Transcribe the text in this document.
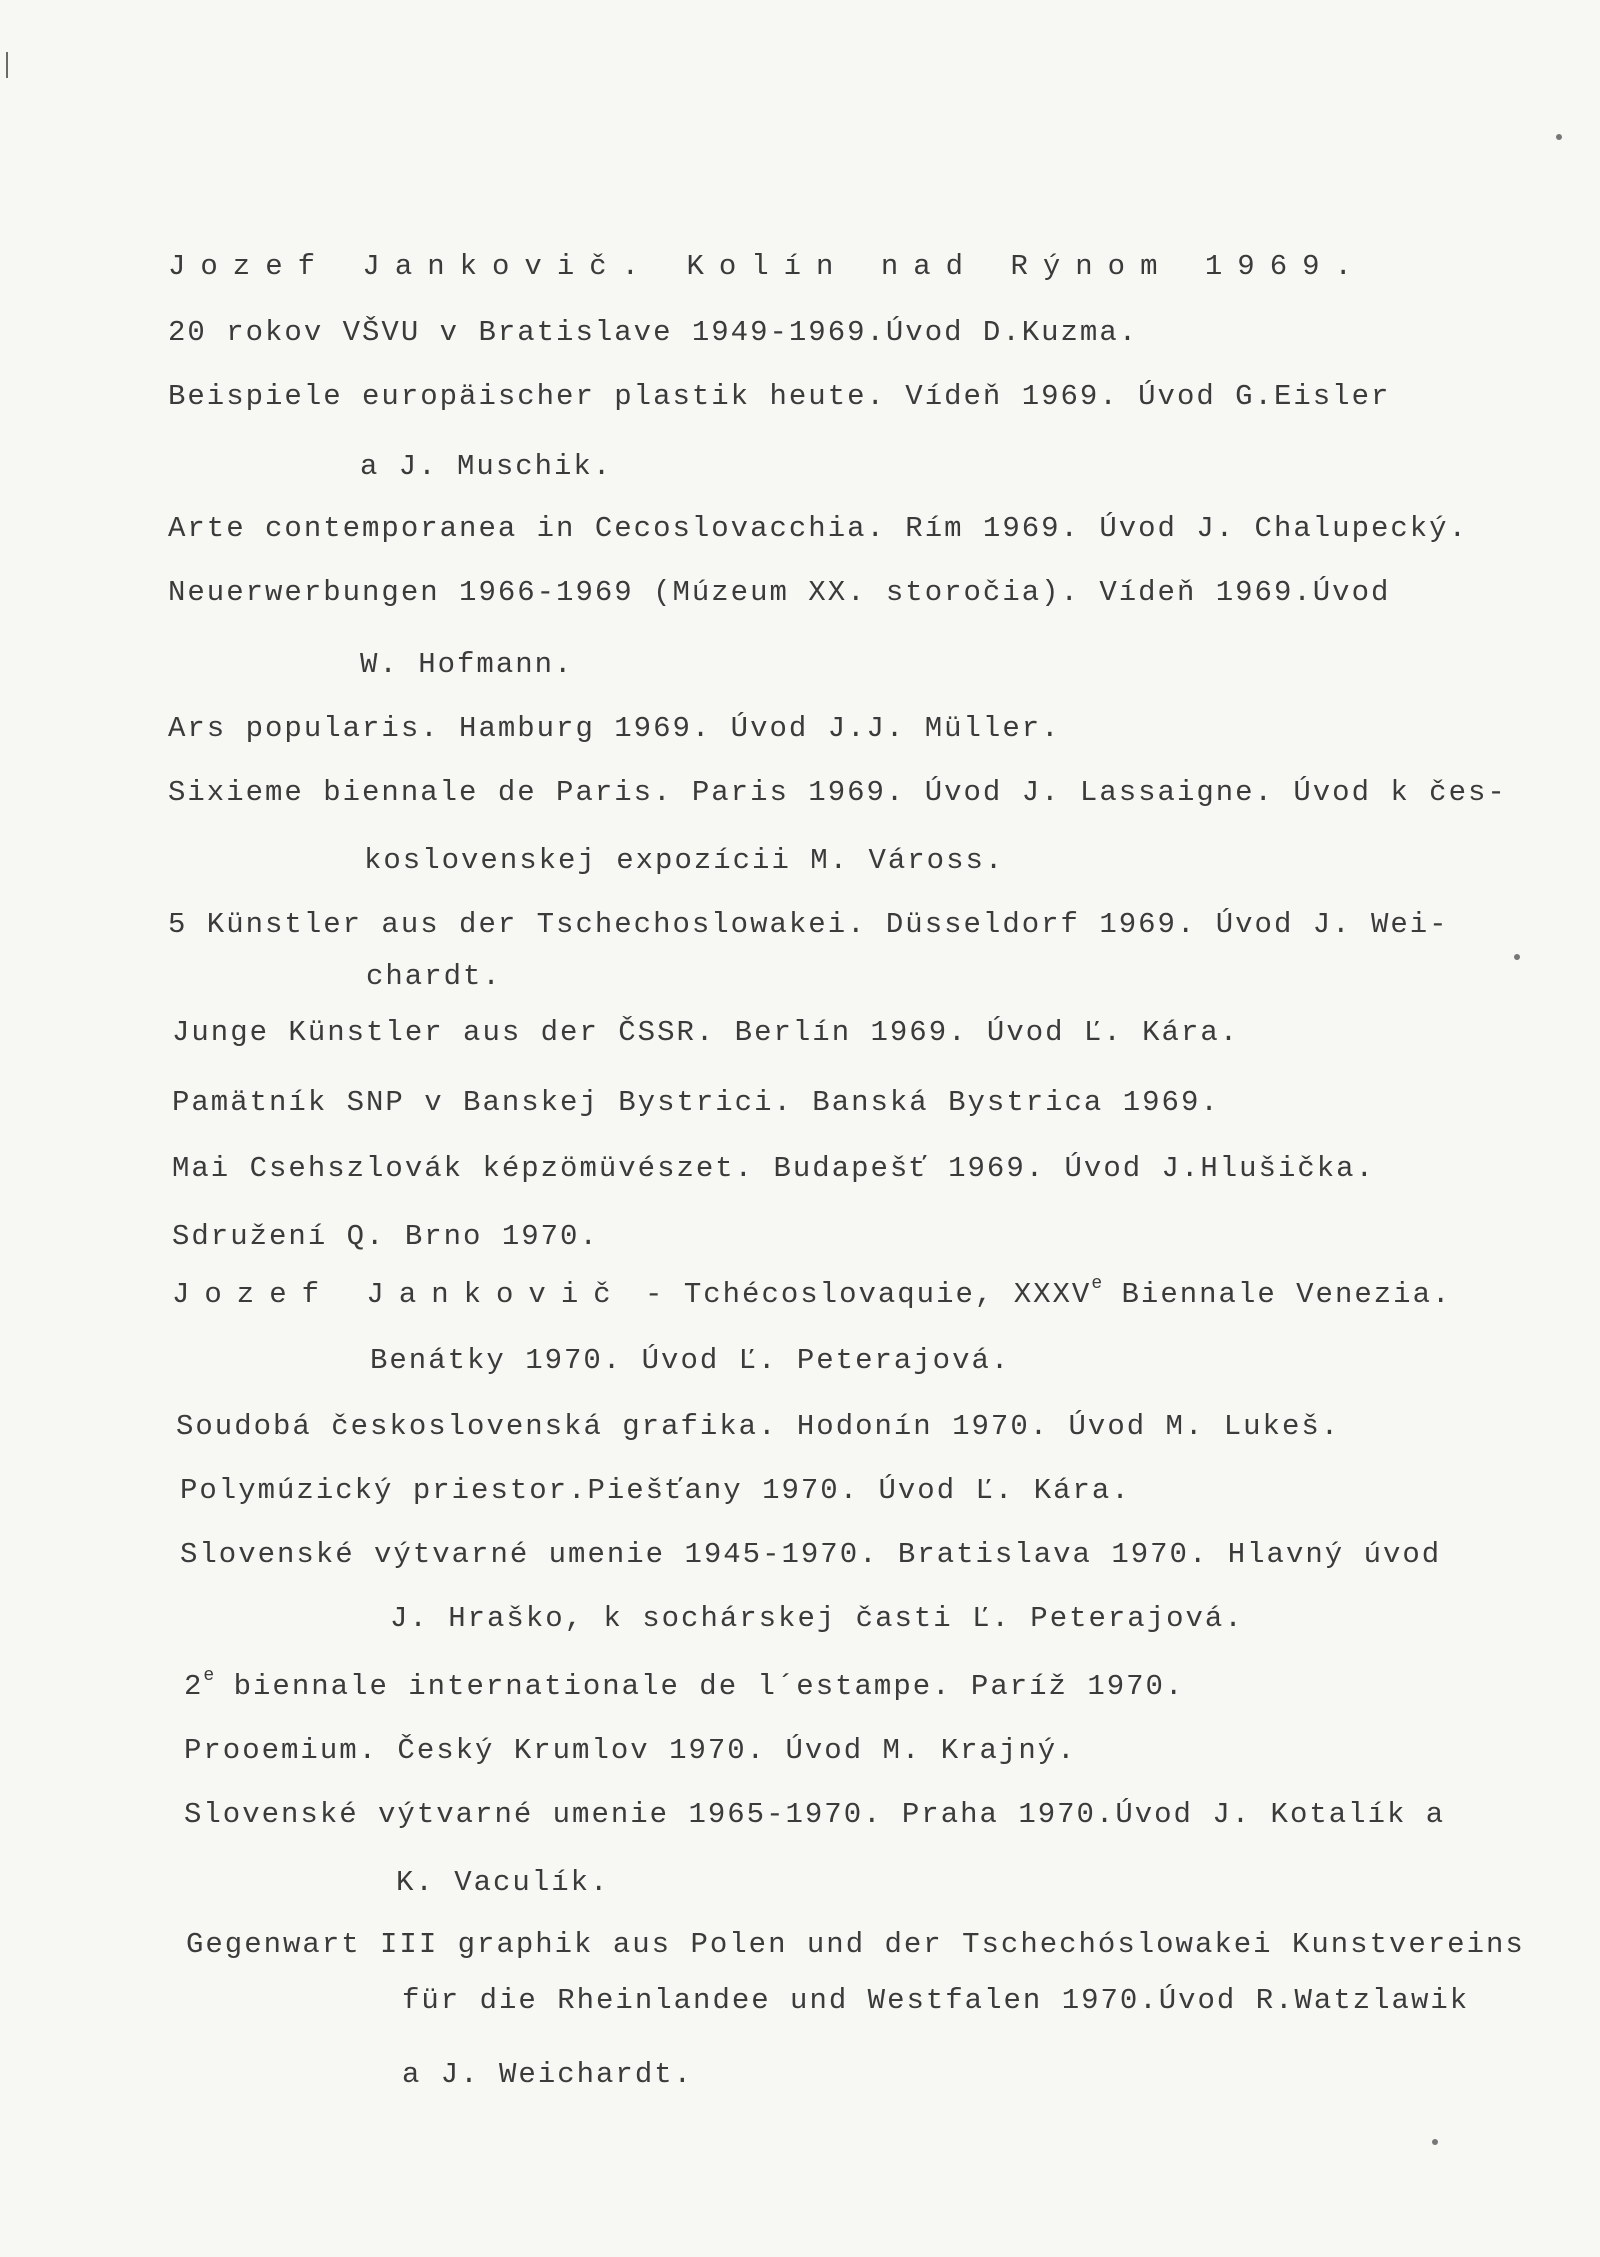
Jozef Jankovič. Kolín nad Rýnom 1969.
20 rokov VŠVU v Bratislave 1949-1969.Úvod D.Kuzma.
Beispiele europäischer plastik heute. Vídeň 1969. Úvod G.Eisler
a J. Muschik.
Arte contemporanea in Cecoslovacchia. Rím 1969. Úvod J. Chalupecký.
Neuerwerbungen 1966-1969 (Múzeum XX. storočia). Vídeň 1969.Úvod
W. Hofmann.
Ars popularis. Hamburg 1969. Úvod J.J. Müller.
Sixieme biennale de Paris. Paris 1969. Úvod J. Lassaigne. Úvod k čes-
koslovenskej expozícii M. Váross.
5 Künstler aus der Tschechoslowakei. Düsseldorf 1969. Úvod J. Wei-
chardt.
Junge Künstler aus der ČSSR. Berlín 1969. Úvod Ľ. Kára.
Pamätník SNP v Banskej Bystrici. Banská Bystrica 1969.
Mai Csehszlovák képzömüvészet. Budapešť 1969. Úvod J.Hlušička.
Sdružení Q. Brno 1970.
Jozef Jankovič - Tchécoslovaquie, XXXVe Biennale Venezia.
Benátky 1970. Úvod Ľ. Peterajová.
Soudobá československá grafika. Hodonín 1970. Úvod M. Lukeš.
Polymúzický priestor.Piešťany 1970. Úvod Ľ. Kára.
Slovenské výtvarné umenie 1945-1970. Bratislava 1970. Hlavný úvod
J. Hraško, k sochárskej časti Ľ. Peterajová.
2e biennale internationale de l´estampe. Paríž 1970.
Prooemium. Český Krumlov 1970. Úvod M. Krajný.
Slovenské výtvarné umenie 1965-1970. Praha 1970.Úvod J. Kotalík a
K. Vaculík.
Gegenwart III graphik aus Polen und der Tschechóslowakei Kunstvereins
für die Rheinlandee und Westfalen 1970.Úvod R.Watzlawik
a J. Weichardt.
